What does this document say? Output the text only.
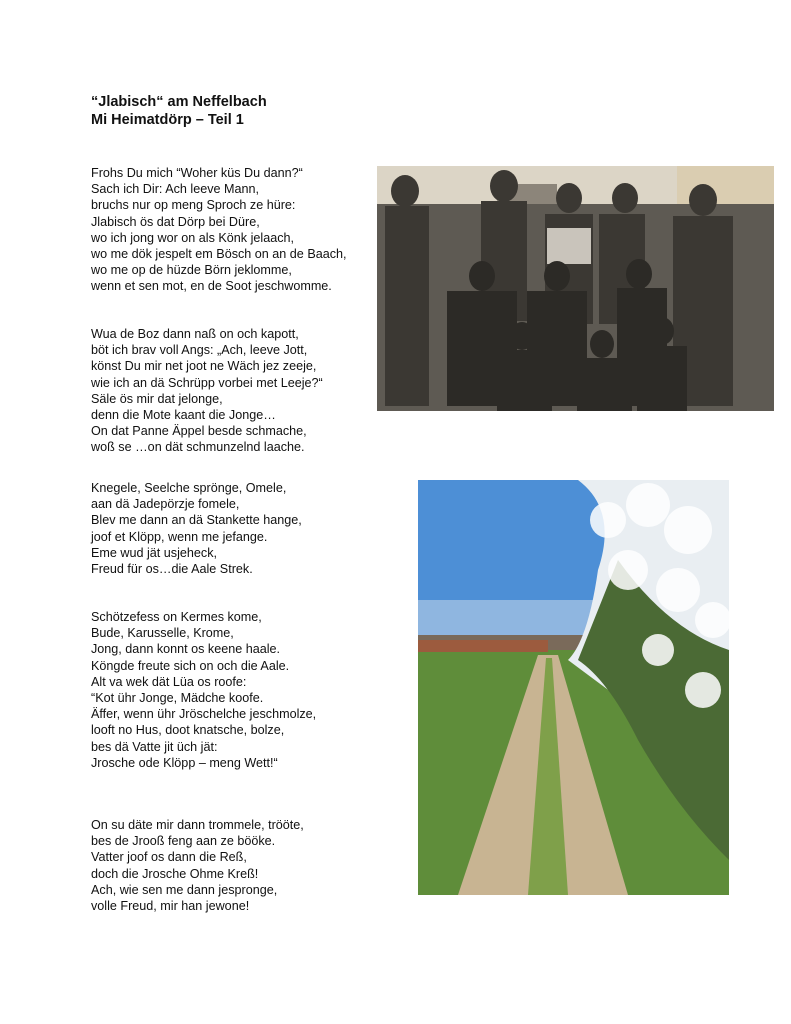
“Jlabisch“ am Neffelbach
Mi Heimatdörp – Teil 1
Frohs Du mich “Woher küs Du dann?“
Sach ich Dir: Ach leeve Mann,
bruchs nur op meng Sproch ze hüre:
Jlabisch ös dat Dörp bei Düre,
wo ich jong wor on als Könk jelaach,
wo me dök jespelt em Bösch on an de Baach,
wo me op de hüzde Börn jeklomme,
wenn et sen mot, en de Soot jeschwomme.
Wua de Boz dann naß on och kapott,
böt ich brav voll Angs: „Ach, leeve Jott,
könst Du mir net joot ne Wäch jez zeeje,
wie ich an dä Schrüpp vorbei met Leeje?“
Säle ös mir dat jelonge,
denn die Mote kaant die Jonge…
On dat Panne Äppel besde schmache,
woß se …on dät schmunzelnd laache.
Knegele, Seelche sprönge, Omele,
aan dä Jadepörzje fomele,
Blev me dann an dä Stankette hange,
joof et Klöpp, wenn me jefange.
Eme wud jät usjeheck,
Freud für os…die Aale Strek.
Schötzefess on Kermes kome,
Bude, Karusselle, Krome,
Jong, dann konnt os keene haale.
Köngde freute sich on och die Aale.
Alt va wek dät Lüa os roofe:
“Kot ühr Jonge, Mädche koofe.
Äffer, wenn ühr Jröschelche jeschmolze,
looft no Hus, doot knatsche, bolze,
bes dä Vatte jit üch jät:
Jrosche ode Klöpp – meng Wett!“
On su däte mir dann trommele, trööte,
bes de Jrooß feng aan ze bööke.
Vatter joof os dann die Reß,
doch die Jrosche Ohme Kreß!
Ach, wie sen me dann jespronge,
volle Freud, mir han jewone!
